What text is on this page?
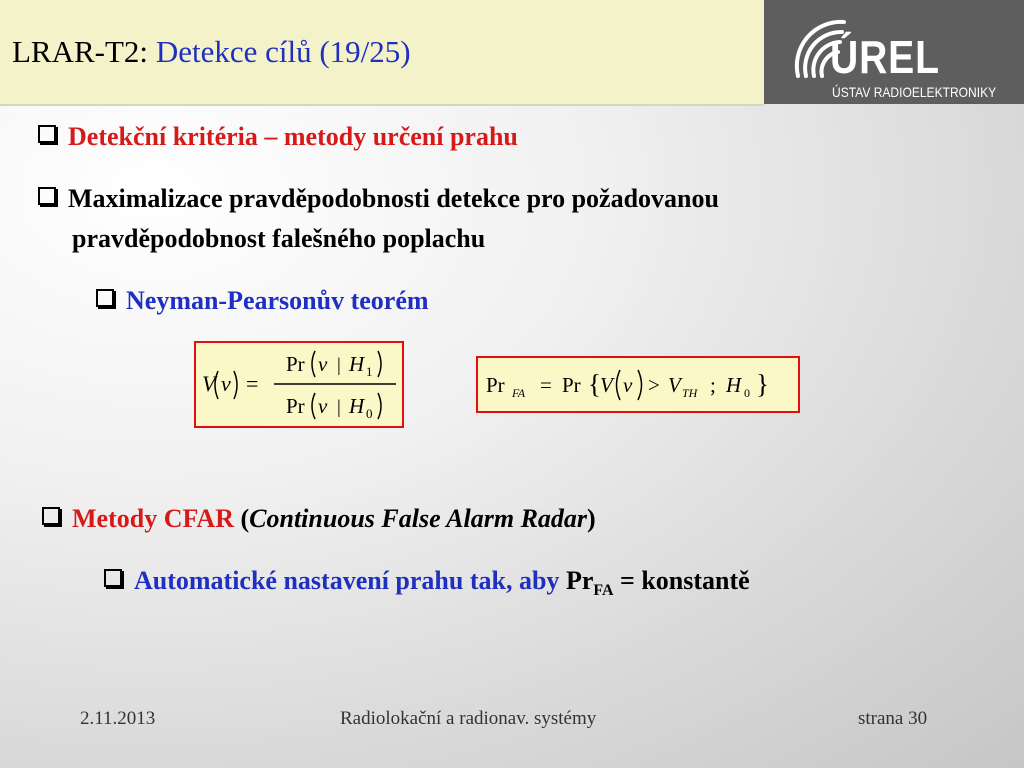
LRAR-T2: Detekce cílů (19/25)	ÚREL
ÚSTAV RADIOELEKTRONIKY
Detekční kritéria – metody určení prahu
Maximalizace pravděpodobnosti detekce pro požadovanou
pravděpodobnost falešného poplachu
Neyman-Pearsonův teorém
V ν =
Pr ν | H 1
Pr ν | H 0
Pr FA = Pr { V ν > V TH ; H 0 }
Metody CFAR (Continuous False Alarm Radar)
Automatické nastavení prahu tak, aby $Pr_{FA}$ = konstantě
2.11.2013	Radiolokační a radionav. systémy	strana 30
